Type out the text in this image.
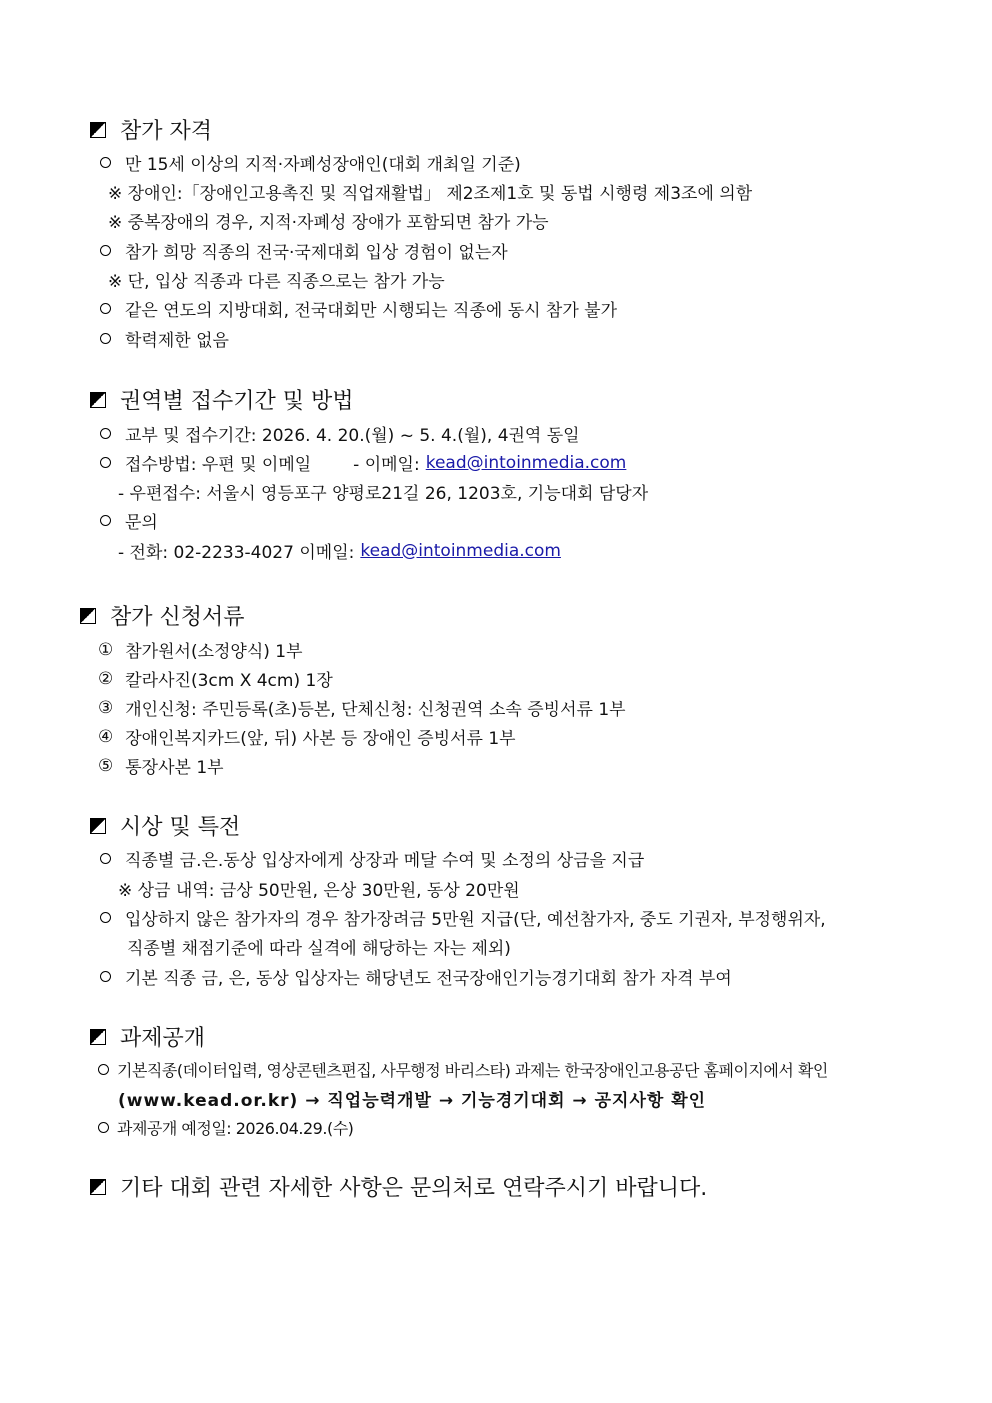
참가 자격
만 15세 이상의 지적·자폐성장애인(대회 개최일 기준)
※ 장애인:「장애인고용촉진 및 직업재활법」 제2조제1호 및 동법 시행령 제3조에 의함
※ 중복장애의 경우, 지적·자폐성 장애가 포함되면 참가 가능
참가 희망 직종의 전국·국제대회 입상 경험이 없는자
※ 단, 입상 직종과 다른 직종으로는 참가 가능
같은 연도의 지방대회, 전국대회만 시행되는 직종에 동시 참가 불가
학력제한 없음
권역별 접수기간 및 방법
교부 및 접수기간: 2026. 4. 20.(월) ~ 5. 4.(월), 4권역 동일
접수방법: 우편 및 이메일 - 이메일: kead@intoinmedia.com
- 우편접수: 서울시 영등포구 양평로21길 26, 1203호, 기능대회 담당자
문의
- 전화: 02-2233-4027 이메일: kead@intoinmedia.com
참가 신청서류
① 참가원서(소정양식) 1부
② 칼라사진(3cm X 4cm) 1장
③ 개인신청: 주민등록(초)등본, 단체신청: 신청권역 소속 증빙서류 1부
④ 장애인복지카드(앞, 뒤) 사본 등 장애인 증빙서류 1부
⑤ 통장사본 1부
시상 및 특전
직종별 금.은.동상 입상자에게 상장과 메달 수여 및 소정의 상금을 지급
※ 상금 내역: 금상 50만원, 은상 30만원, 동상 20만원
입상하지 않은 참가자의 경우 참가장려금 5만원 지급(단, 예선참가자, 중도 기권자, 부정행위자,
직종별 채점기준에 따라 실격에 해당하는 자는 제외)
기본 직종 금, 은, 동상 입상자는 해당년도 전국장애인기능경기대회 참가 자격 부여
과제공개
기본직종(데이터입력, 영상콘텐츠편집, 사무행정 바리스타) 과제는 한국장애인고용공단 홈페이지에서 확인
(www.kead.or.kr) → 직업능력개발 → 기능경기대회 → 공지사항 확인
과제공개 예정일: 2026.04.29.(수)
기타 대회 관련 자세한 사항은 문의처로 연락주시기 바랍니다.
